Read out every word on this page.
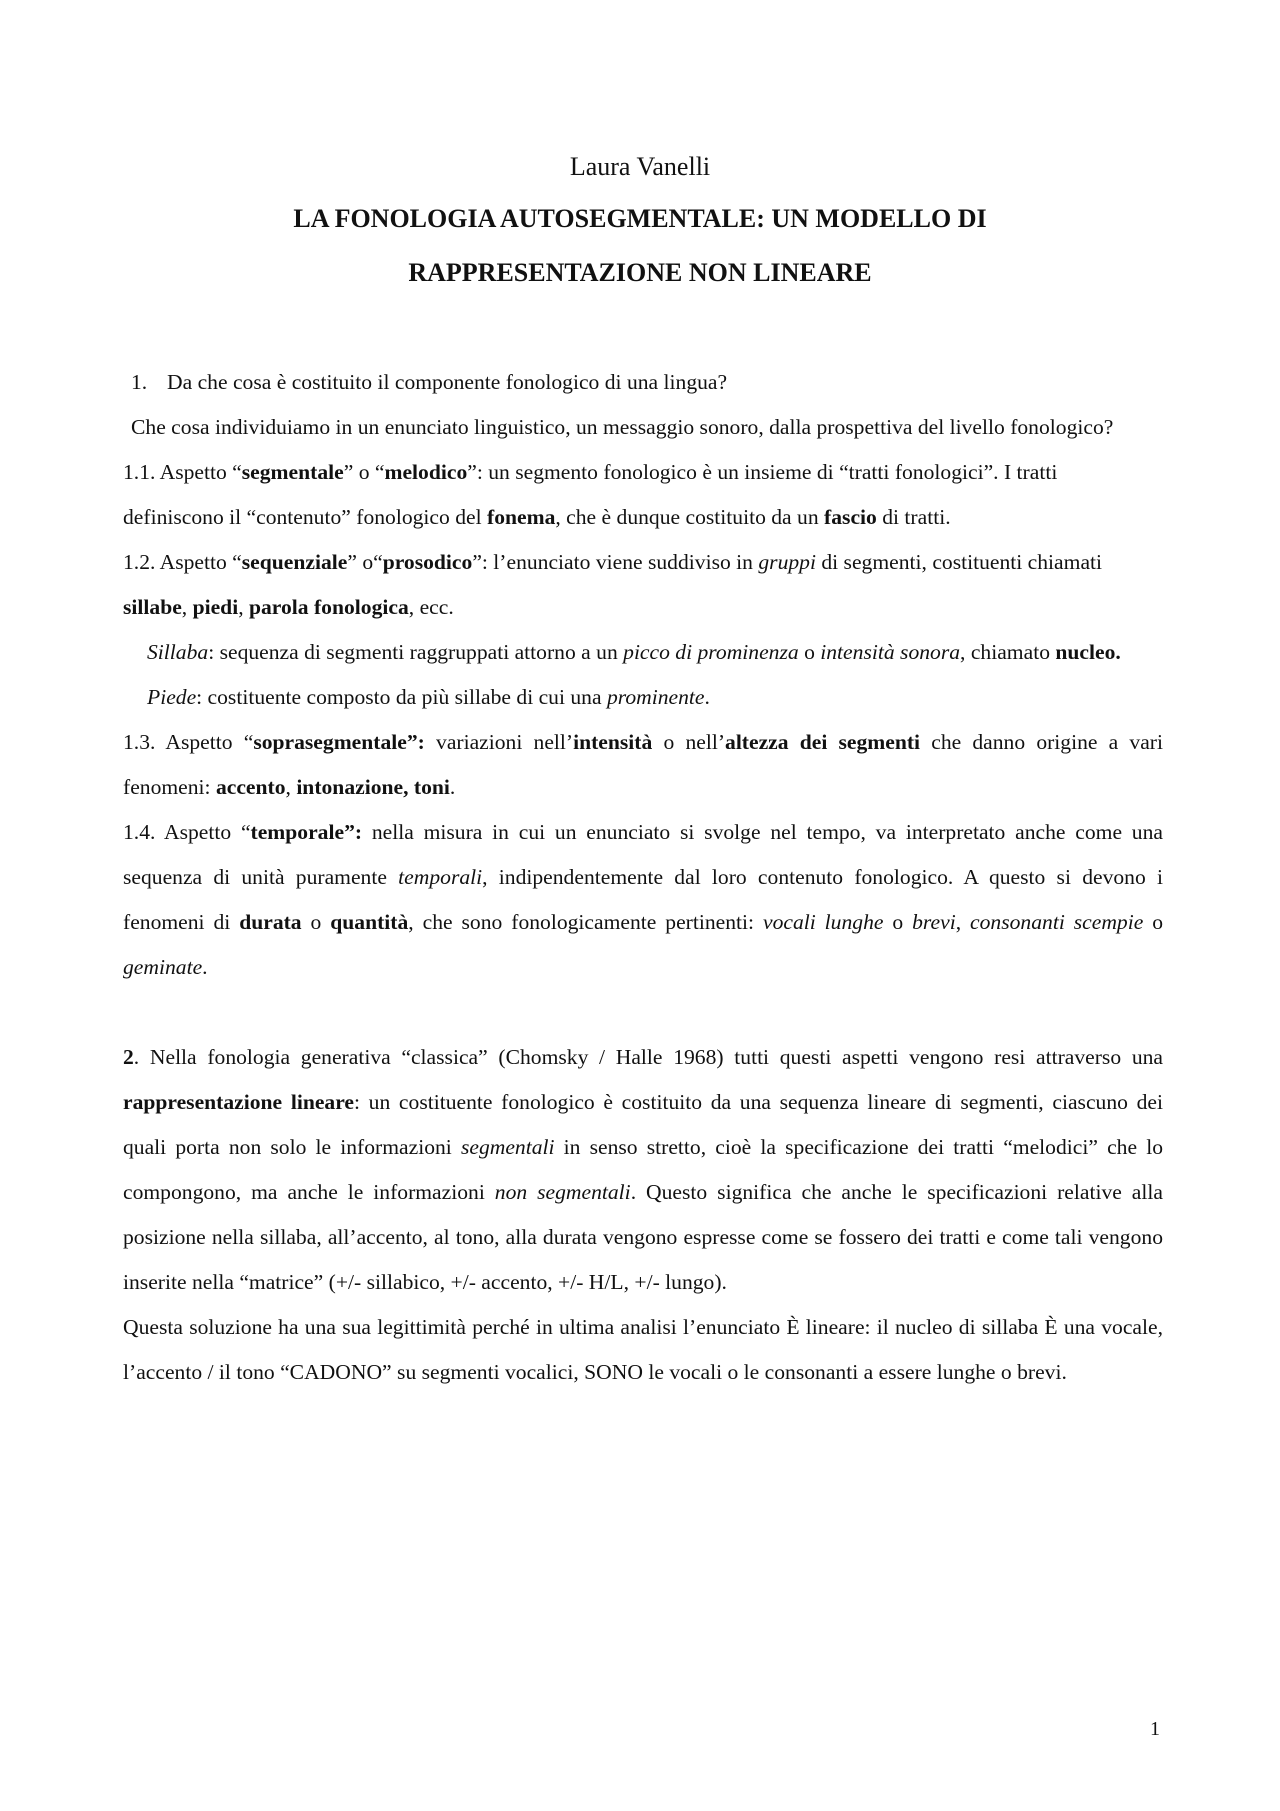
Laura Vanelli
LA FONOLOGIA AUTOSEGMENTALE: UN MODELLO DI
RAPPRESENTAZIONE NON LINEARE

1. Da che cosa è costituito il componente fonologico di una lingua?

Che cosa individuiamo in un enunciato linguistico, un messaggio sonoro, dalla prospettiva del livello fonologico?

1.1. Aspetto “segmentale” o “melodico”: un segmento fonologico è un insieme di “tratti fonologici”. I tratti definiscono il “contenuto” fonologico del fonema, che è dunque costituito da un fascio di tratti.

1.2. Aspetto “sequenziale” o“prosodico”: l’enunciato viene suddiviso in gruppi di segmenti, costituenti chiamati sillabe, piedi, parola fonologica, ecc.

Sillaba: sequenza di segmenti raggruppati attorno a un picco di prominenza o intensità sonora, chiamato nucleo.

Piede: costituente composto da più sillabe di cui una prominente.

1.3. Aspetto “soprasegmentale”: variazioni nell’intensità o nell’altezza dei segmenti che danno origine a vari fenomeni: accento, intonazione, toni.

1.4. Aspetto “temporale”: nella misura in cui un enunciato si svolge nel tempo, va interpretato anche come una sequenza di unità puramente temporali, indipendentemente dal loro contenuto fonologico. A questo si devono i fenomeni di durata o quantità, che sono fonologicamente pertinenti: vocali lunghe o brevi, consonanti scempie o geminate.

2. Nella fonologia generativa “classica” (Chomsky / Halle 1968) tutti questi aspetti vengono resi attraverso una rappresentazione lineare: un costituente fonologico è costituito da una sequenza lineare di segmenti, ciascuno dei quali porta non solo le informazioni segmentali in senso stretto, cioè la specificazione dei tratti “melodici” che lo compongono, ma anche le informazioni non segmentali. Questo significa che anche le specificazioni relative alla posizione nella sillaba, all’accento, al tono, alla durata vengono espresse come se fossero dei tratti e come tali vengono inserite nella “matrice” (+/- sillabico, +/- accento, +/- H/L, +/- lungo).

Questa soluzione ha una sua legittimità perché in ultima analisi l’enunciato È lineare: il nucleo di sillaba È una vocale, l’accento / il tono “CADONO” su segmenti vocalici, SONO le vocali o le consonanti a essere lunghe o brevi.

1
